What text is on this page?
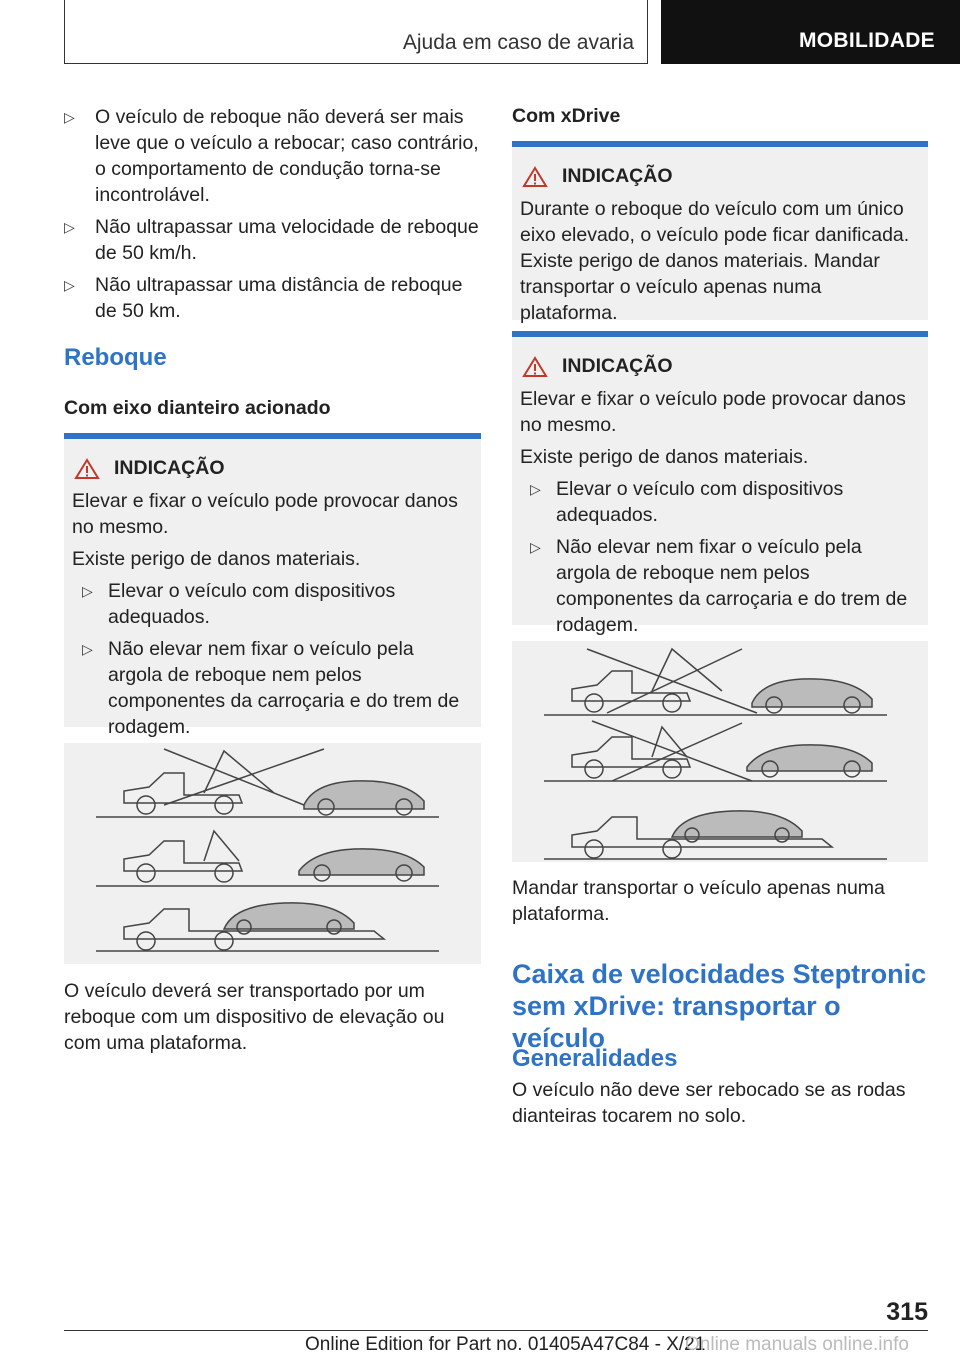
Ajuda em caso de avaria	MOBILIDADE
▷ O veículo de reboque não deverá ser mais leve que o veículo a rebocar; caso contrário, o comportamento de condução torna-se incontrolável.
▷ Não ultrapassar uma velocidade de reboque de 50 km/h.
▷ Não ultrapassar uma distância de reboque de 50 km.
Reboque
Com eixo dianteiro acionado
INDICAÇÃO

Elevar e fixar o veículo pode provocar danos no mesmo.

Existe perigo de danos materiais.

▷ Elevar o veículo com dispositivos adequados.
▷ Não elevar nem fixar o veículo pela argola de reboque nem pelos componentes da carroçaria e do trem de rodagem.
O veículo deverá ser transportado por um reboque com um dispositivo de elevação ou com uma plataforma.
Com xDrive
INDICAÇÃO

Durante o reboque do veículo com um único eixo elevado, o veículo pode ficar danificada. Existe perigo de danos materiais. Mandar transportar o veículo apenas numa plataforma.

INDICAÇÃO

Elevar e fixar o veículo pode provocar danos no mesmo.

Existe perigo de danos materiais.

▷ Elevar o veículo com dispositivos adequados.
▷ Não elevar nem fixar o veículo pela argola de reboque nem pelos componentes da carroçaria e do trem de rodagem.
Mandar transportar o veículo apenas numa plataforma.
Caixa de velocidades Steptronic sem xDrive: transportar o veículo
Generalidades
O veículo não deve ser rebocado se as rodas dianteiras tocarem no solo.
315
Online Edition for Part no. 01405A47C84 - X/21
Online manuals online.info
